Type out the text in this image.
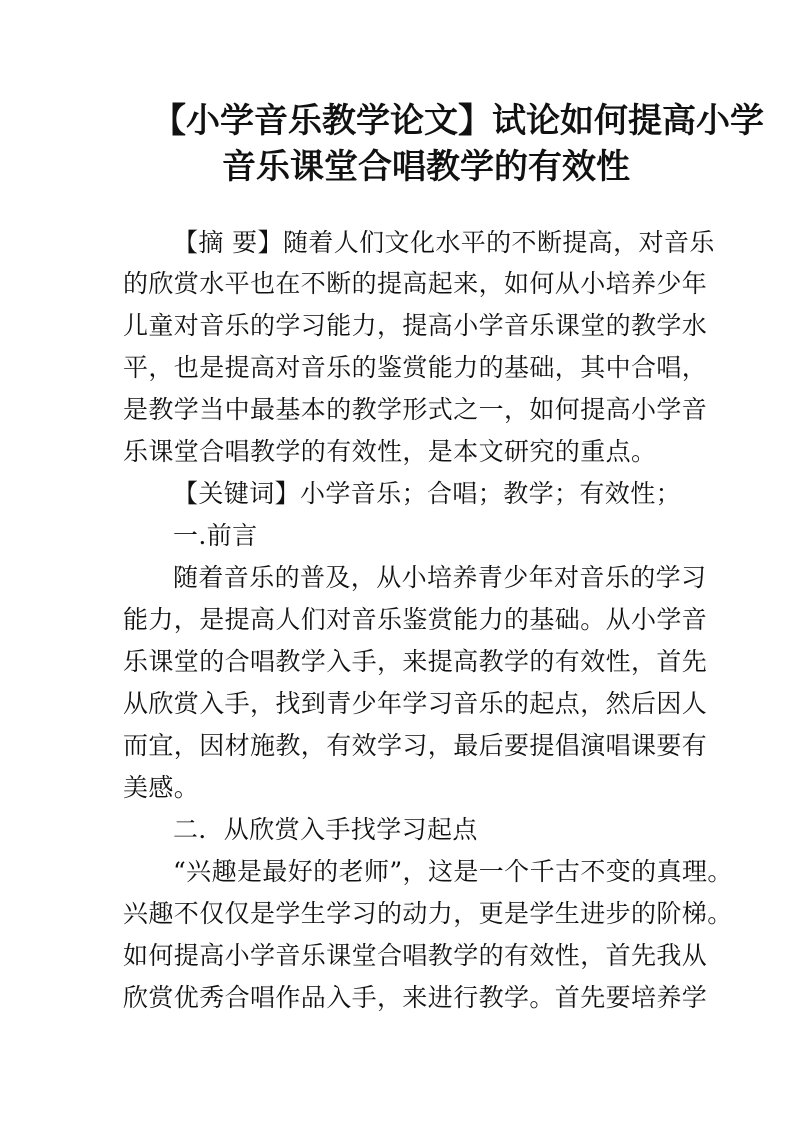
【小学音乐教学论文】试论如何提高小学
音乐课堂合唱教学的有效性
【摘 要】随着人们文化水平的不断提高，对音乐
的欣赏水平也在不断的提高起来，如何从小培养少年
儿童对音乐的学习能力，提高小学音乐课堂的教学水
平，也是提高对音乐的鉴赏能力的基础，其中合唱，
是教学当中最基本的教学形式之一，如何提高小学音
乐课堂合唱教学的有效性，是本文研究的重点。
【关键词】小学音乐；合唱；教学；有效性；
一.前言
随着音乐的普及，从小培养青少年对音乐的学习
能力，是提高人们对音乐鉴赏能力的基础。从小学音
乐课堂的合唱教学入手，来提高教学的有效性，首先
从欣赏入手，找到青少年学习音乐的起点，然后因人
而宜，因材施教，有效学习，最后要提倡演唱课要有
美感。
二．从欣赏入手找学习起点
“兴趣是最好的老师”，这是一个千古不变的真理。
兴趣不仅仅是学生学习的动力，更是学生进步的阶梯。
如何提高小学音乐课堂合唱教学的有效性，首先我从
欣赏优秀合唱作品入手，来进行教学。首先要培养学
